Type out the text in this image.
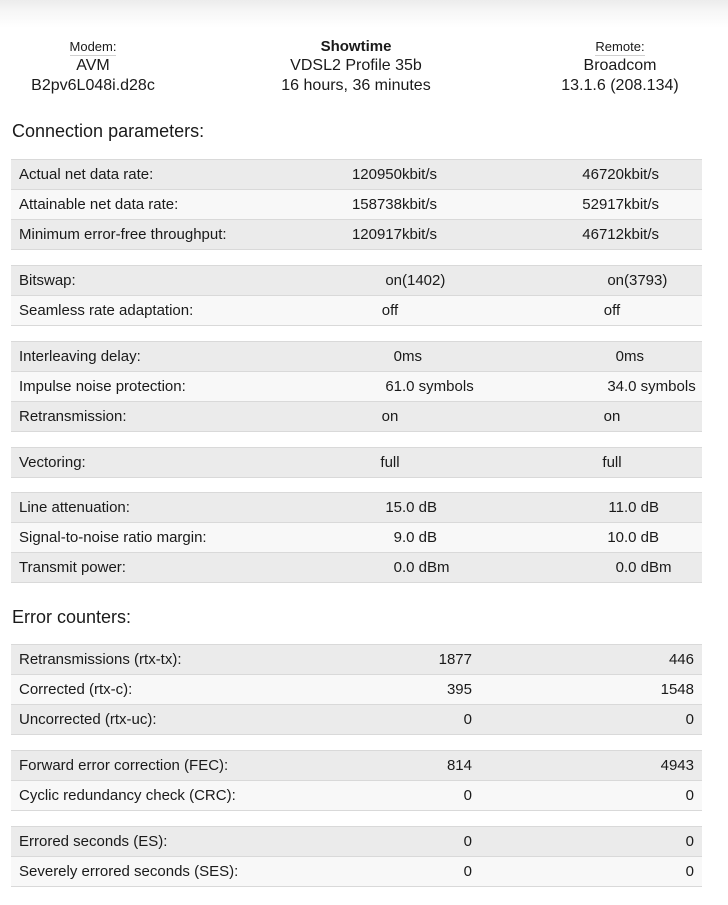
Modem:
AVM
B2pv6L048i.d28c
Showtime
VDSL2 Profile 35b
16 hours, 36 minutes
Remote:
Broadcom
13.1.6 (208.134)
Connection parameters:
Error counters:
Actual net data rate:	120950 kbit/s	46720 kbit/s
Attainable net data rate:	158738 kbit/s	52917 kbit/s
Minimum error-free throughput:	120917 kbit/s	46712 kbit/s
Bitswap:	on (1402)	on (3793)
Seamless rate adaptation:	off	off
Interleaving delay:	0 ms	0 ms
Impulse noise protection:	61 .0 symbols	34 .0 symbols
Retransmission:	on	on
Vectoring:	full	full
Line attenuation:	15 .0 dB	11 .0 dB
Signal-to-noise ratio margin:	9 .0 dB	10 .0 dB
Transmit power:	0 .0 dBm	0 .0 dBm
Retransmissions (rtx-tx):	1877	446
Corrected (rtx-c):	395	1548
Uncorrected (rtx-uc):	0	0
Forward error correction (FEC):	814	4943
Cyclic redundancy check (CRC):	0	0
Errored seconds (ES):	0	0
Severely errored seconds (SES):	0	0
